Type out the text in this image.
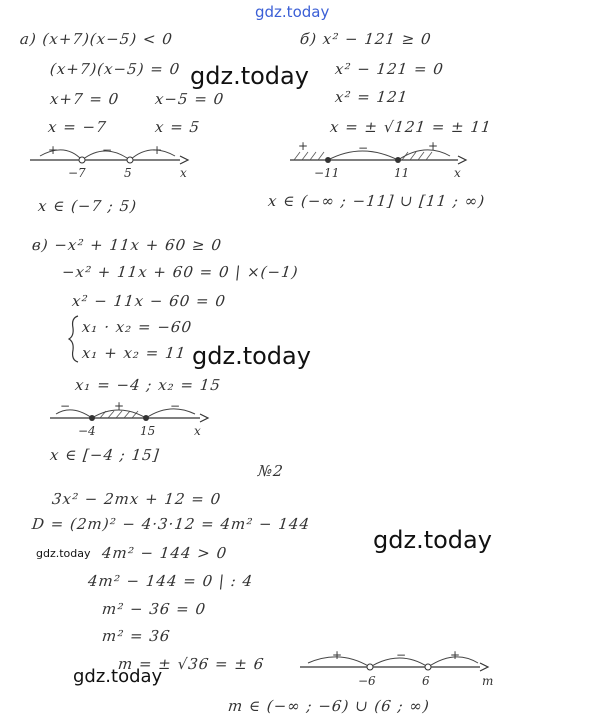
gdz.today
а) (x+7)(x−5) < 0
(x+7)(x−5) = 0
x+7 = 0 x−5 = 0
x = −7	x = 5
+	−	+
−7	5	x
x ∈ (−7 ; 5)
б) x² − 121 ≥ 0
x² − 121 = 0
x² = 121
x = ± √121 = ± 11
+	−	+
−11	11	x
x ∈ (−∞ ; −11] ∪ [11 ; ∞)
в) −x² + 11x + 60 ≥ 0
−x² + 11x + 60 = 0 | ×(−1)
x² − 11x − 60 = 0
x₁ · x₂ = −60
x₁ + x₂ = 11
x₁ = −4 ; x₂ = 15
−	+	−
−4	15	x
x ∈ [−4 ; 15]
№2
3x² − 2mx + 12 = 0
D = (2m)² − 4·3·12 = 4m² − 144
4m² − 144 > 0
4m² − 144 = 0 | : 4
m² − 36 = 0
m² = 36
m = ± √36 = ± 6	+	−	+
−6	6	m
m ∈ (−∞ ; −6) ∪ (6 ; ∞)
gdz.today
gdz.today
gdz.today
gdz.today
gdz.today
